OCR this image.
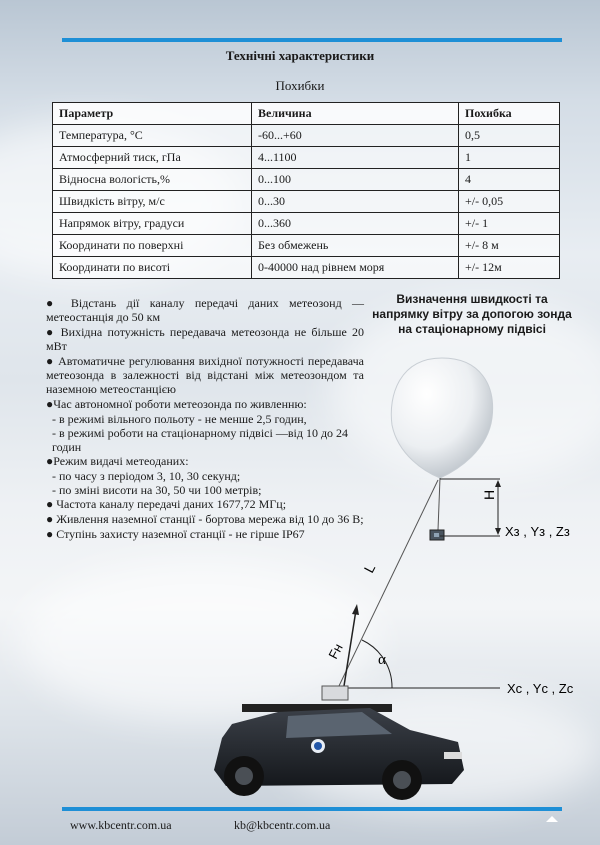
Технічні характеристики
Похибки
Параметр	Величина	Похибка
Температура, °С	-60...+60	0,5
Атмосферний тиск, гПа	4...1100	1
Відносна вологість,%	0...100	4
Швидкість вітру, м/с	0...30	+/- 0,05
Напрямок вітру, градуси	0...360	+/- 1
Координати по поверхні	Без обмежень	+/- 8 м
Координати по висоті	0-40000 над рівнем моря	+/- 12м

● Відстань дії каналу передачі даних метеозонд — метеостанція до 50 км

● Вихідна потужність передавача метеозонда не більше 20 мВт

● Автоматичне регулювання вихідної потужності передавача метеозонда в залежності від відстані між метеозондом та наземною метеостанцією

●Час автономної роботи метеозонда по живленню:

- в режимі вільного польоту - не менше 2,5 годин,

- в режимі роботи на стаціонарному підвісі —від 10 до 24 годин

●Режим видачі метеоданих:

- по часу з періодом 3, 10, 30 секунд;

- по зміні висоти на 30, 50 чи 100 метрів;

● Частота каналу передачі даних 1677,72 МГц;

● Живлення наземної станції - бортова мережа від 10 до 36 В;

● Ступінь захисту наземної станції - не гірше IP67

Визначення швидкості та напрямку вітру за допогою зонда на стаціонарному підвісі
H
Xз , Yз , Zз
L
Fн α
Xc , Yc , Zc
www.kbcentr.com.ua	kb@kbcentr.com.ua
